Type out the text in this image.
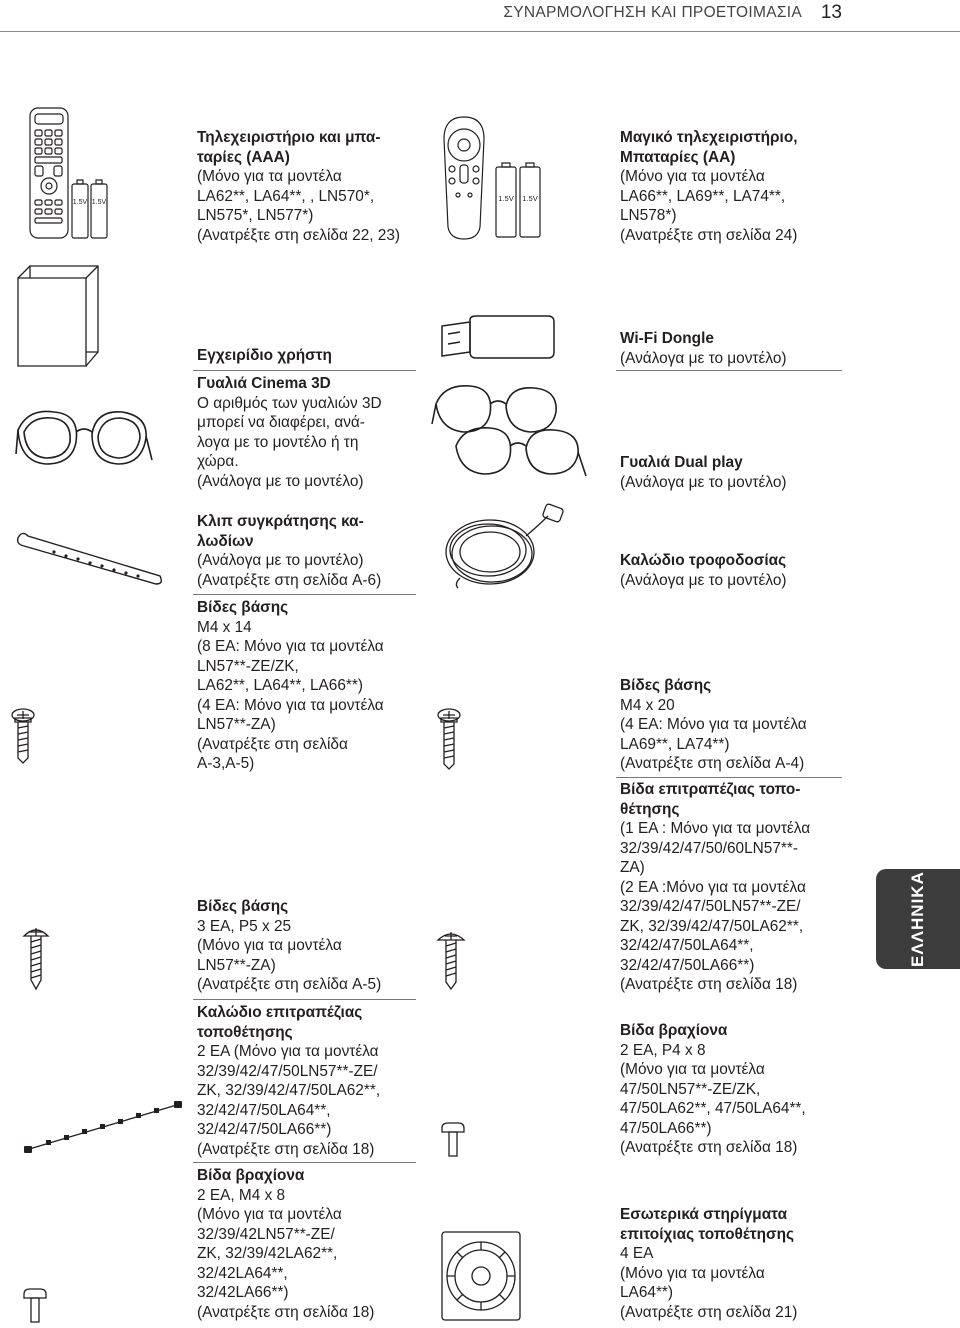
ΣΥΝΑΡΜΟΛΟΓΗΣΗ ΚΑΙ ΠΡΟΕΤΟΙΜΑΣΙΑ 13
ΕΛΛΗΝΙΚΑ
Τηλεχειριστήριο και μπα-
ταρίες (AAA)
(Μόνο για τα μοντέλα
LA62**, LA64**, , LN570*,
LN575*, LN577*)
(Ανατρέξτε στη σελίδα 22, 23)
Μαγικό τηλεχειριστήριο,
Μπαταρίες (AA)
(Μόνο για τα μοντέλα
LA66**, LA69**, LA74**,
LN578*)
(Ανατρέξτε στη σελίδα 24)
Εγχειρίδιο χρήστη
Γυαλιά Cinema 3D
Ο αριθμός των γυαλιών 3D
μπορεί να διαφέρει, ανά-
λογα με το μοντέλο ή τη
χώρα.
(Ανάλογα με το μοντέλο)
Wi-Fi Dongle
(Ανάλογα με το μοντέλο)
Γυαλιά Dual play
(Ανάλογα με το μοντέλο)
Κλιπ συγκράτησης κα-
λωδίων
(Ανάλογα με το μοντέλο)
(Ανατρέξτε στη σελίδα A-6)
Καλώδιο τροφοδοσίας
(Ανάλογα με το μοντέλο)
Βίδες βάσης
M4 x 14
(8 EA: Μόνο για τα μοντέλα
LN57**-ZE/ZK,
LA62**, LA64**, LA66**)
(4 EA: Μόνο για τα μοντέλα
LN57**-ZA)
(Ανατρέξτε στη σελίδα
A-3,A-5)
Βίδες βάσης
M4 x 20
(4 EA: Μόνο για τα μοντέλα
LA69**, LA74**)
(Ανατρέξτε στη σελίδα A-4)
Βίδα επιτραπέζιας τοπο-
θέτησης
(1 EA : Μόνο για τα μοντέλα
32/39/42/47/50/60LN57**-
ZA)
(2 EA :Μόνο για τα μοντέλα
32/39/42/47/50LN57**-ZE/
ZK, 32/39/42/47/50LA62**,
32/42/47/50LA64**,
32/42/47/50LA66**)
(Ανατρέξτε στη σελίδα 18)
Βίδες βάσης
3 EA, P5 x 25
(Μόνο για τα μοντέλα
LN57**-ZA)
(Ανατρέξτε στη σελίδα A-5)
Καλώδιο επιτραπέζιας
τοποθέτησης
2 EA (Μόνο για τα μοντέλα
32/39/42/47/50LN57**-ZE/
ZK, 32/39/42/47/50LA62**,
32/42/47/50LA64**,
32/42/47/50LA66**)
(Ανατρέξτε στη σελίδα 18)
Βίδα βραχίονα
2 EA, P4 x 8
(Μόνο για τα μοντέλα
47/50LN57**-ZE/ZK,
47/50LA62**, 47/50LA64**,
47/50LA66**)
(Ανατρέξτε στη σελίδα 18)
Βίδα βραχίονα
2 EA, M4 x 8
(Μόνο για τα μοντέλα
32/39/42LN57**-ZE/
ZK, 32/39/42LA62**,
32/42LA64**,
32/42LA66**)
(Ανατρέξτε στη σελίδα 18)
Εσωτερικά στηρίγματα
επιτοίχιας τοποθέτησης
4 EA
(Μόνο για τα μοντέλα
LA64**)
(Ανατρέξτε στη σελίδα 21)
1.5V 1.5V	1.5V 1.5V
